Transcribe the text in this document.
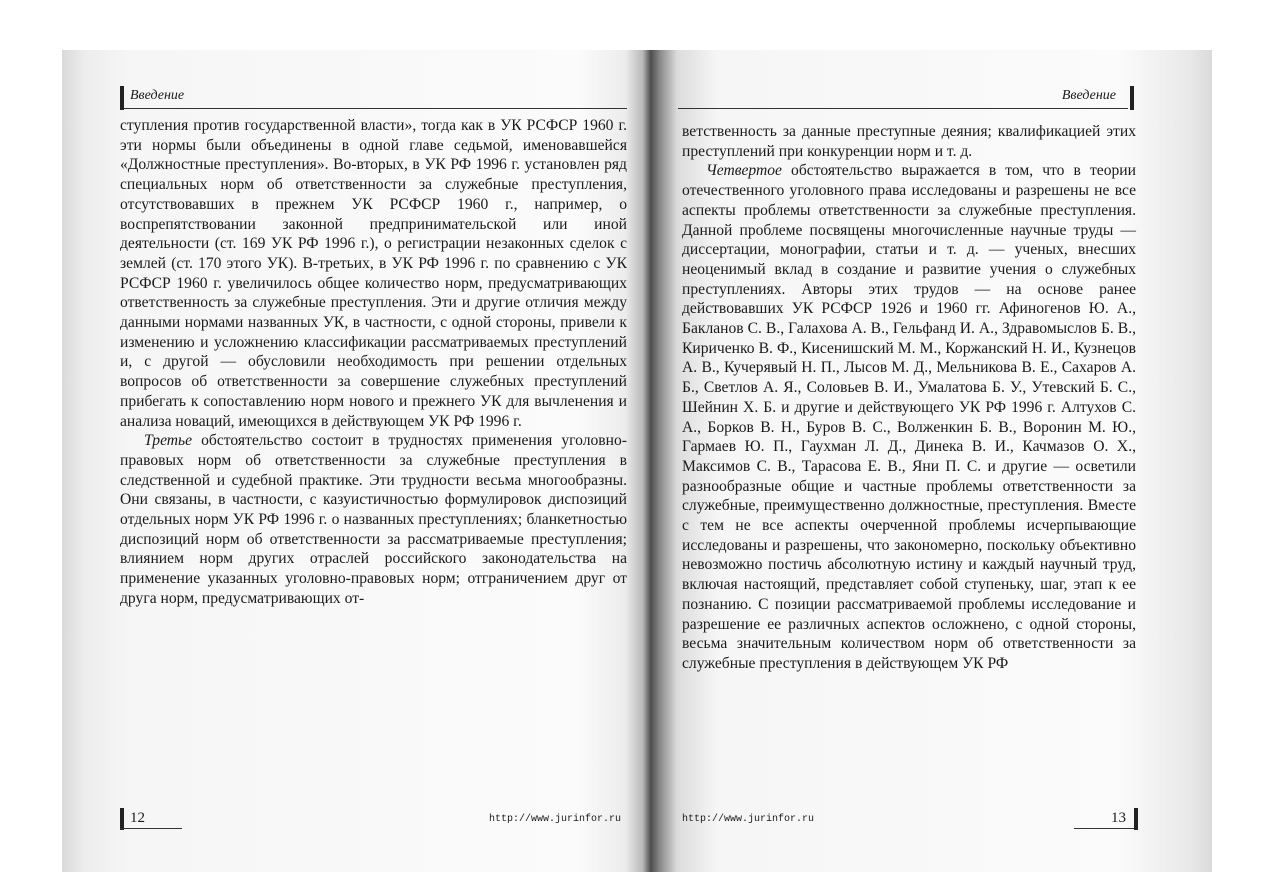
Введение

ступления против государственной власти», тогда как в УК РСФСР 1960 г. эти нормы были объединены в одной главе седьмой, именовавшейся «Должностные преступления». Во-вторых, в УК РФ 1996 г. установлен ряд специальных норм об ответственности за служебные преступления, отсутствовавших в прежнем УК РСФСР 1960 г., например, о воспрепятствовании законной предпринимательской или иной деятельности (ст. 169 УК РФ 1996 г.), о регистрации незаконных сделок с землей (ст. 170 этого УК). В-третьих, в УК РФ 1996 г. по сравнению с УК РСФСР 1960 г. увеличилось общее количество норм, предусматривающих ответственность за служебные преступления. Эти и другие отличия между данными нормами названных УК, в частности, с одной стороны, привели к изменению и усложнению классификации рассматриваемых преступлений и, с другой — обусловили необходимость при решении отдельных вопросов об ответственности за совершение служебных преступлений прибегать к сопоставлению норм нового и прежнего УК для вычленения и анализа новаций, имеющихся в действующем УК РФ 1996 г.

Третье обстоятельство состоит в трудностях применения уголовно-правовых норм об ответственности за служебные преступления в следственной и судебной практике. Эти трудности весьма многообразны. Они связаны, в частности, с казуистичностью формулировок диспозиций отдельных норм УК РФ 1996 г. о названных преступлениях; бланкетностью диспозиций норм об ответственности за рассматриваемые преступления; влиянием норм других отраслей российского законодательства на применение указанных уголовно-правовых норм; отграничением друг от друга норм, предусматривающих от-

12	http://www.jurinfor.ru
Введение

ветственность за данные преступные деяния; квалификацией этих преступлений при конкуренции норм и т. д.

Четвертое обстоятельство выражается в том, что в теории отечественного уголовного права исследованы и разрешены не все аспекты проблемы ответственности за служебные преступления. Данной проблеме посвящены многочисленные научные труды — диссертации, монографии, статьи и т. д. — ученых, внесших неоценимый вклад в создание и развитие учения о служебных преступлениях. Авторы этих трудов — на основе ранее действовавших УК РСФСР 1926 и 1960 гг. Афиногенов Ю. А., Бакланов С. В., Галахова А. В., Гельфанд И. А., Здравомыслов Б. В., Кириченко В. Ф., Кисенишский М. М., Коржанский Н. И., Кузнецов А. В., Кучерявый Н. П., Лысов М. Д., Мельникова В. Е., Сахаров А. Б., Светлов А. Я., Соловьев В. И., Умалатова Б. У., Утевский Б. С., Шейнин Х. Б. и другие и действующего УК РФ 1996 г. Алтухов С. А., Борков В. Н., Буров В. С., Волженкин Б. В., Воронин М. Ю., Гармаев Ю. П., Гаухман Л. Д., Динека В. И., Качмазов О. Х., Максимов С. В., Тарасова Е. В., Яни П. С. и другие — осветили разнообразные общие и частные проблемы ответственности за служебные, преимущественно должностные, преступления. Вместе с тем не все аспекты очерченной проблемы исчерпывающие исследованы и разрешены, что закономерно, поскольку объективно невозможно постичь абсолютную истину и каждый научный труд, включая настоящий, представляет собой ступеньку, шаг, этап к ее познанию. С позиции рассматриваемой проблемы исследование и разрешение ее различных аспектов осложнено, с одной стороны, весьма значительным количеством норм об ответственности за служебные преступления в действующем УК РФ

http://www.jurinfor.ru	13
